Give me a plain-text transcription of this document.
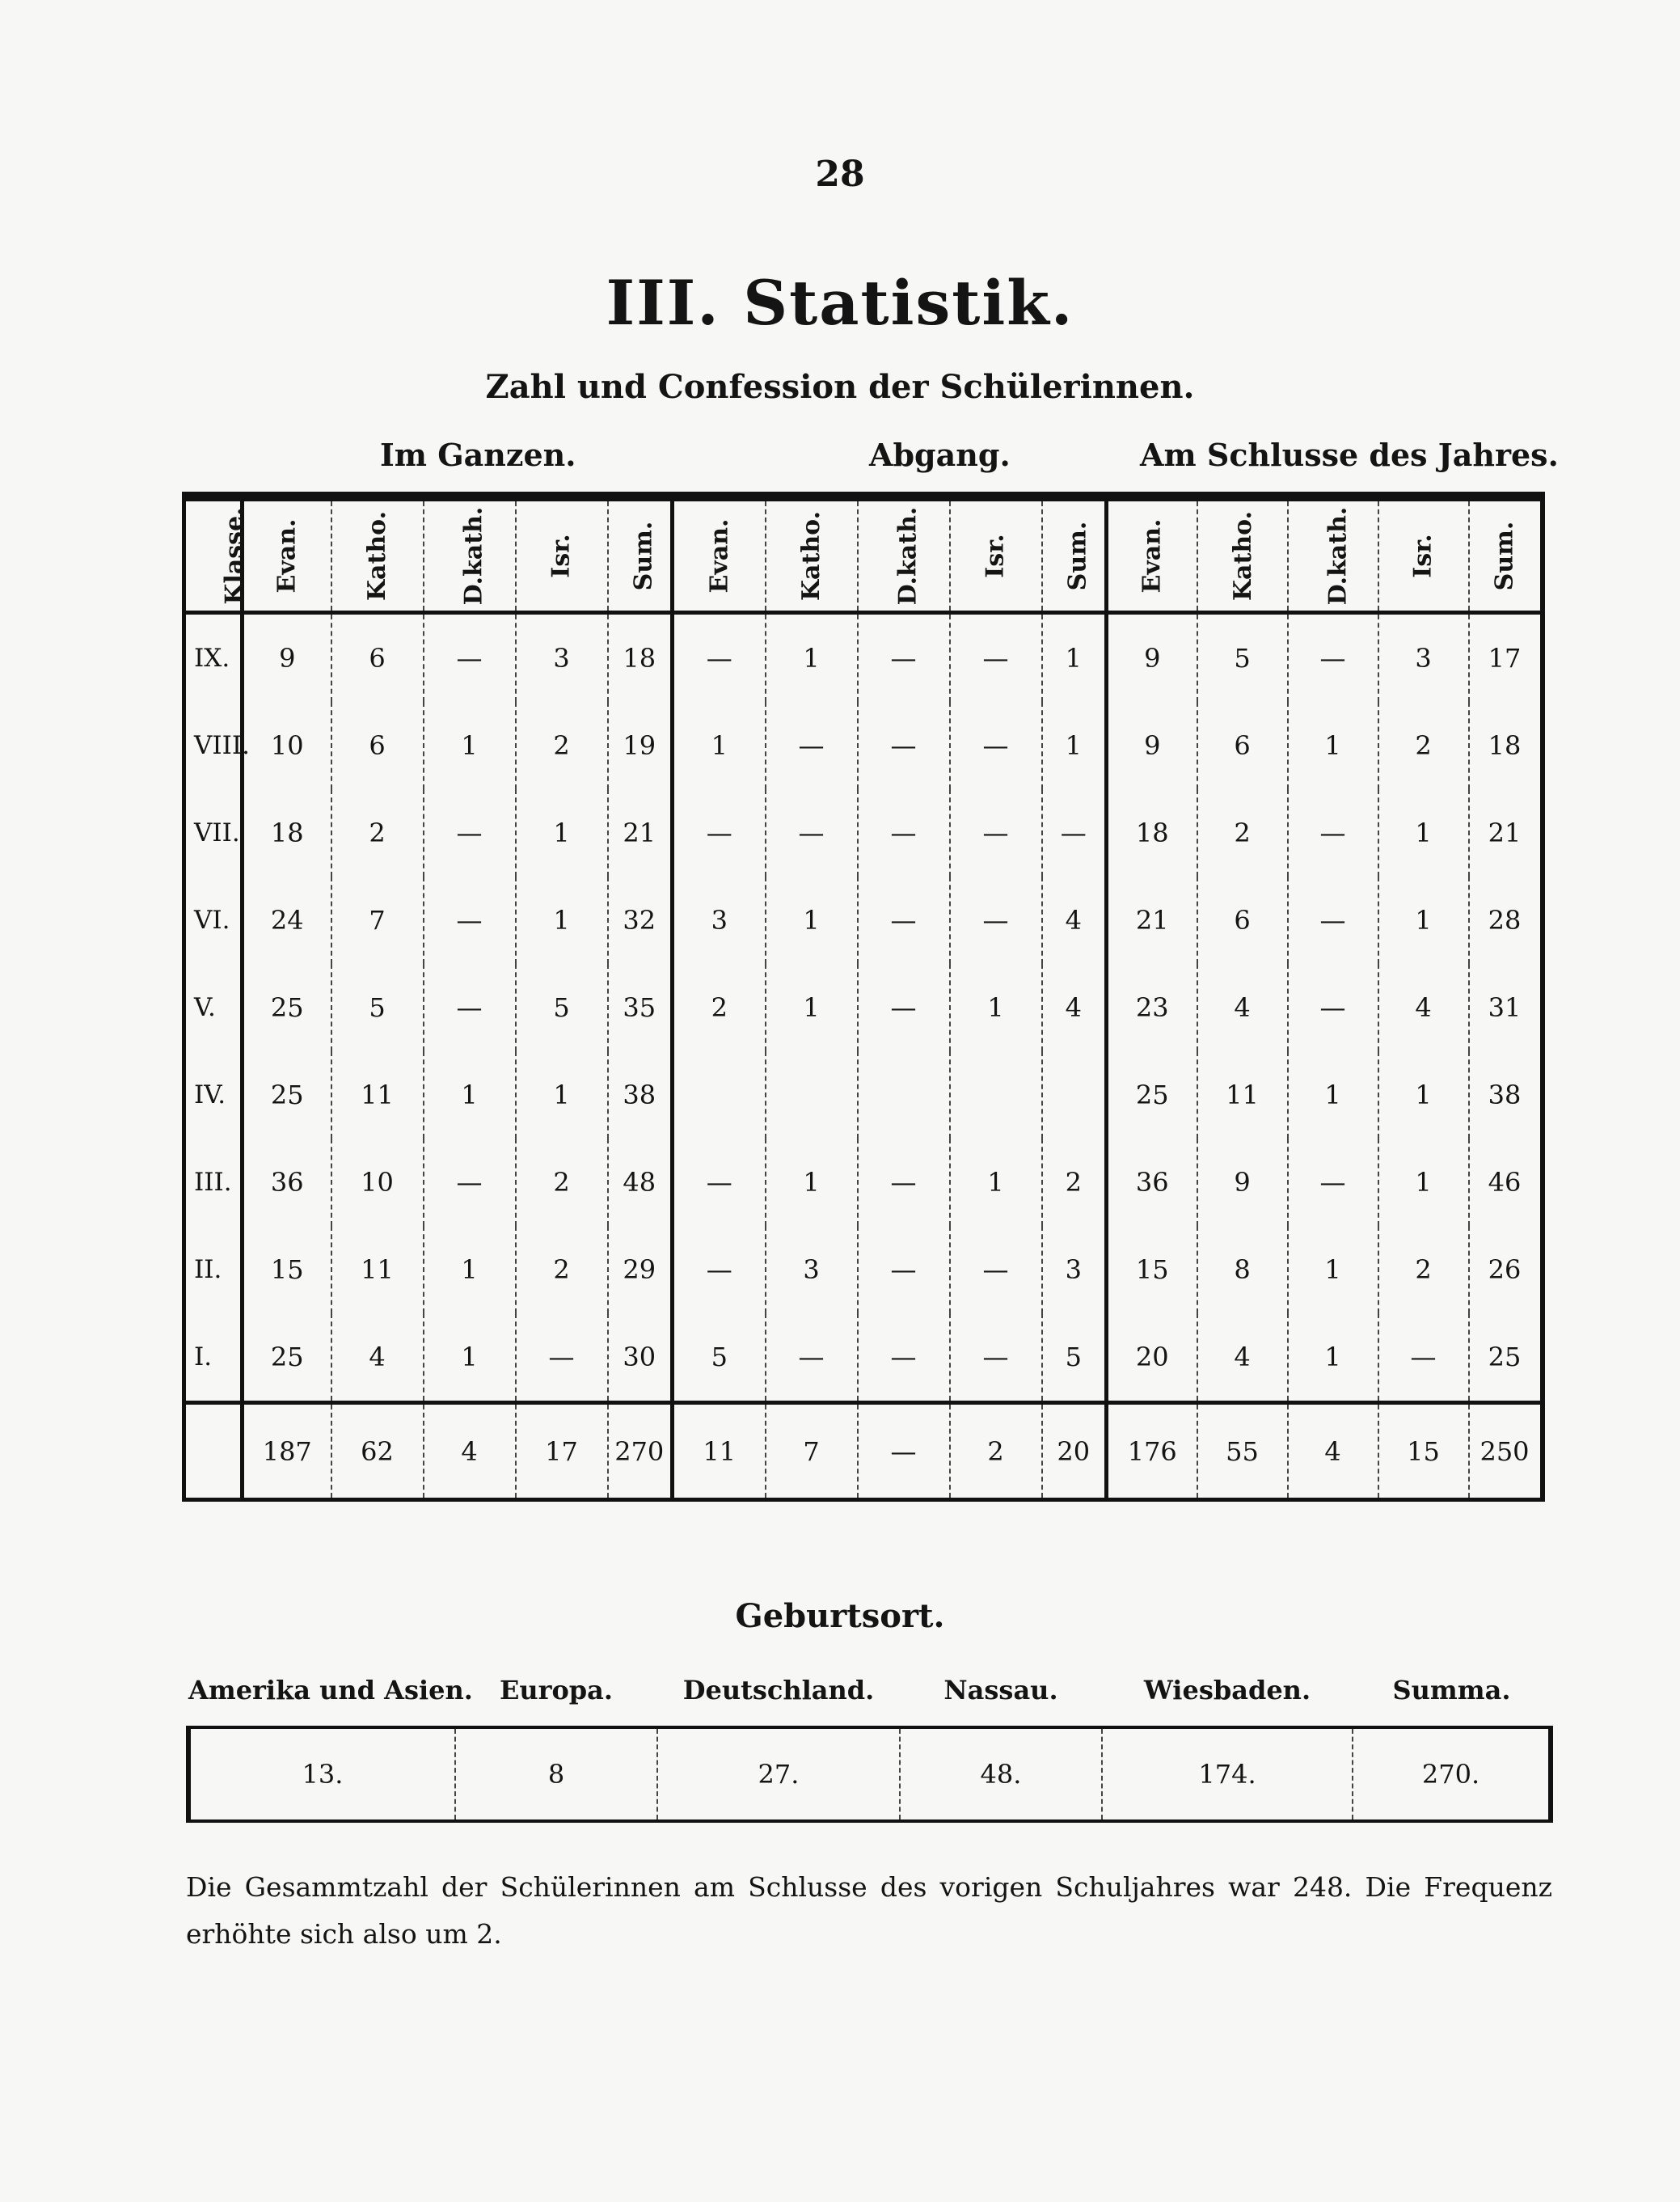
28
III. Statistik.
Zahl und Confession der Schülerinnen.
Im Ganzen.	Abgang.	Am Schlusse des Jahres.
Klasse.	Evan.	Katho.	D.kath.	Isr.	Sum.	Evan.	Katho.	D.kath.	Isr.	Sum.	Evan.	Katho.	D.kath.	Isr.	Sum.
IX.	9	6	—	3	18	—	1	—	—	1	9	5	—	3	17
VIII.	10	6	1	2	19	1	—	—	—	1	9	6	1	2	18
VII.	18	2	—	1	21	—	—	—	—	—	18	2	—	1	21
VI.	24	7	—	1	32	3	1	—	—	4	21	6	—	1	28
V.	25	5	—	5	35	2	1	—	1	4	23	4	—	4	31
IV.	25	11	1	1	38						25	11	1	1	38
III.	36	10	—	2	48	—	1	—	1	2	36	9	—	1	46
II.	15	11	1	2	29	—	3	—	—	3	15	8	1	2	26
I.	25	4	1	—	30	5	—	—	—	5	20	4	1	—	25
	187	62	4	17	270	11	7	—	2	20	176	55	4	15	250
Geburtsort.
Amerika und Asien.	Europa.	Deutschland.	Nassau.	Wiesbaden.	Summa.
13.	8	27.	48.	174.	270.
Die Gesammtzahl der Schülerinnen am Schlusse des vorigen Schuljahres war 248. Die Frequenz erhöhte sich also um 2.
